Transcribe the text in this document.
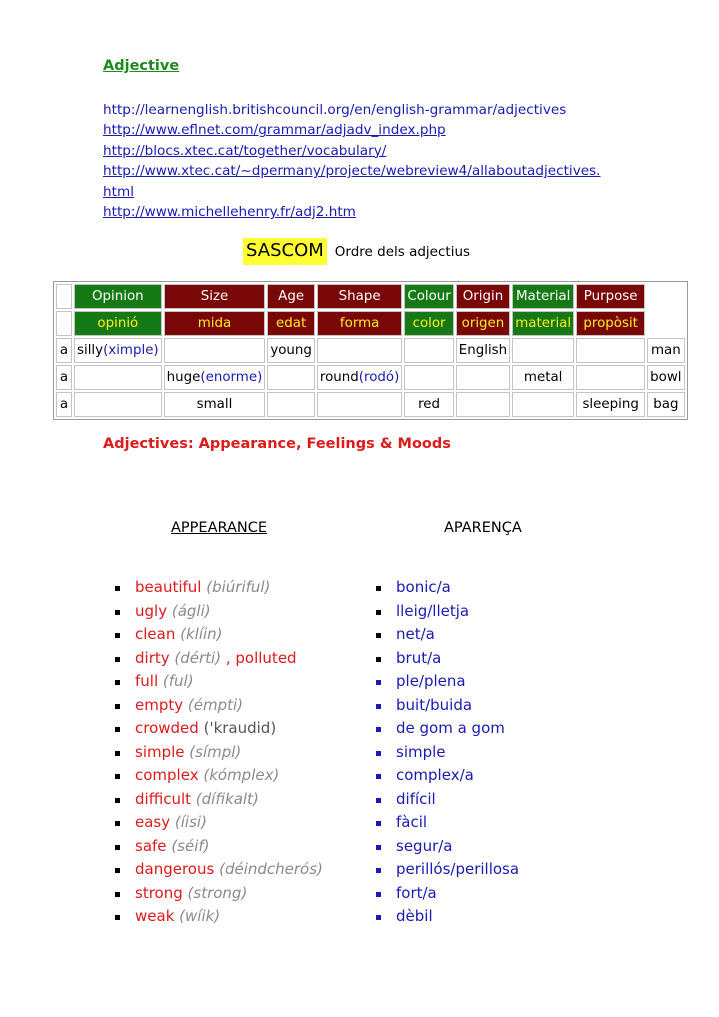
Adjective
http://learnenglish.britishcouncil.org/en/english-grammar/adjectives
http://www.eflnet.com/grammar/adjadv_index.php
http://blocs.xtec.cat/together/vocabulary/
http://www.xtec.cat/~dpermany/projecte/webreview4/allaboutadjectives.
html
http://www.michellehenry.fr/adj2.htm
SASCOM Ordre dels adjectius
	Opinion	Size	Age	Shape	Colour	Origin	Material	Purpose	
	opinió	mida	edat	forma	color	origen	material	propòsit	
a	silly(ximple)		young			English			man
a		huge(enorme)		round(rodó)			metal		bowl
a		small			red			sleeping	bag
Adjectives: Appearance, Feelings & Moods
APPEARANCE	APARENÇA
beautiful (biúriful)
ugly (ágli)
clean (klíin)
dirty (dérti) , polluted
full (ful)
empty (émpti)
crowded ('kraudid)
simple (símpl)
complex (kómplex)
difficult (dífikalt)
easy (íisi)
safe (séif)
dangerous (déindcherós)
strong (strong)
weak (wíik)
bonic/a
lleig/lletja
net/a
brut/a
ple/plena
buit/buida
de gom a gom
simple
complex/a
difícil
fàcil
segur/a
perillós/perillosa
fort/a
dèbil
